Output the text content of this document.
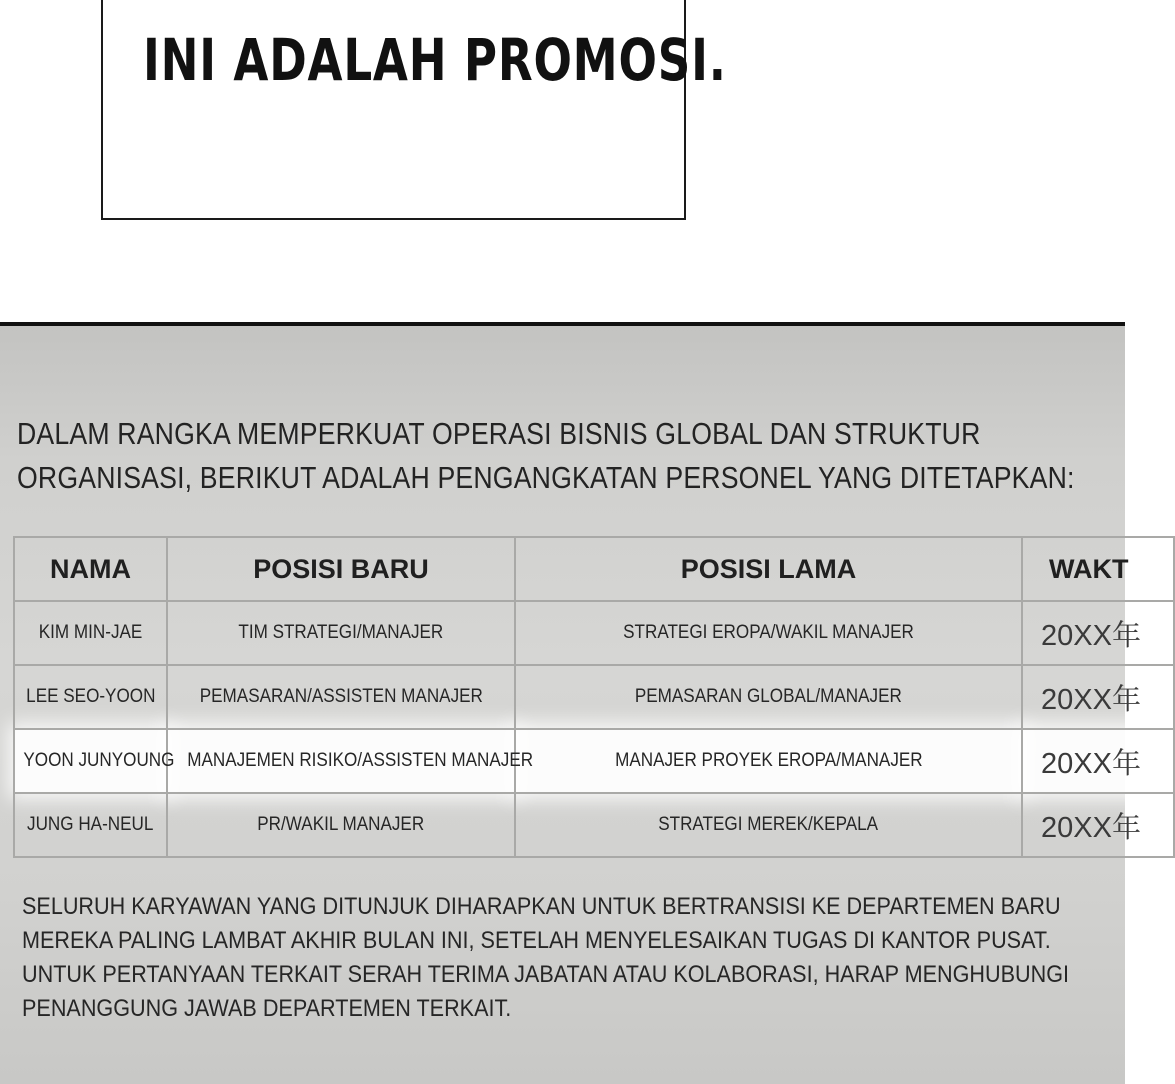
INI ADALAH PROMOSI.
DALAM RANGKA MEMPERKUAT OPERASI BISNIS GLOBAL DAN STRUKTUR
ORGANISASI, BERIKUT ADALAH PENGANGKATAN PERSONEL YANG DITETAPKAN:
NAMA	POSISI BARU	POSISI LAMA	WAKT
KIM MIN-JAE	TIM STRATEGI/MANAJER	STRATEGI EROPA/WAKIL MANAJER	20XX年
LEE SEO-YOON	PEMASARAN/ASSISTEN MANAJER	PEMASARAN GLOBAL/MANAJER	20XX年
YOON JUNYOUNG	MANAJEMEN RISIKO/ASSISTEN MANAJER	MANAJER PROYEK EROPA/MANAJER	20XX年
JUNG HA-NEUL	PR/WAKIL MANAJER	STRATEGI MEREK/KEPALA	20XX年
SELURUH KARYAWAN YANG DITUNJUK DIHARAPKAN UNTUK BERTRANSISI KE DEPARTEMEN BARU
MEREKA PALING LAMBAT AKHIR BULAN INI, SETELAH MENYELESAIKAN TUGAS DI KANTOR PUSAT.
UNTUK PERTANYAAN TERKAIT SERAH TERIMA JABATAN ATAU KOLABORASI, HARAP MENGHUBUNGI
PENANGGUNG JAWAB DEPARTEMEN TERKAIT.
